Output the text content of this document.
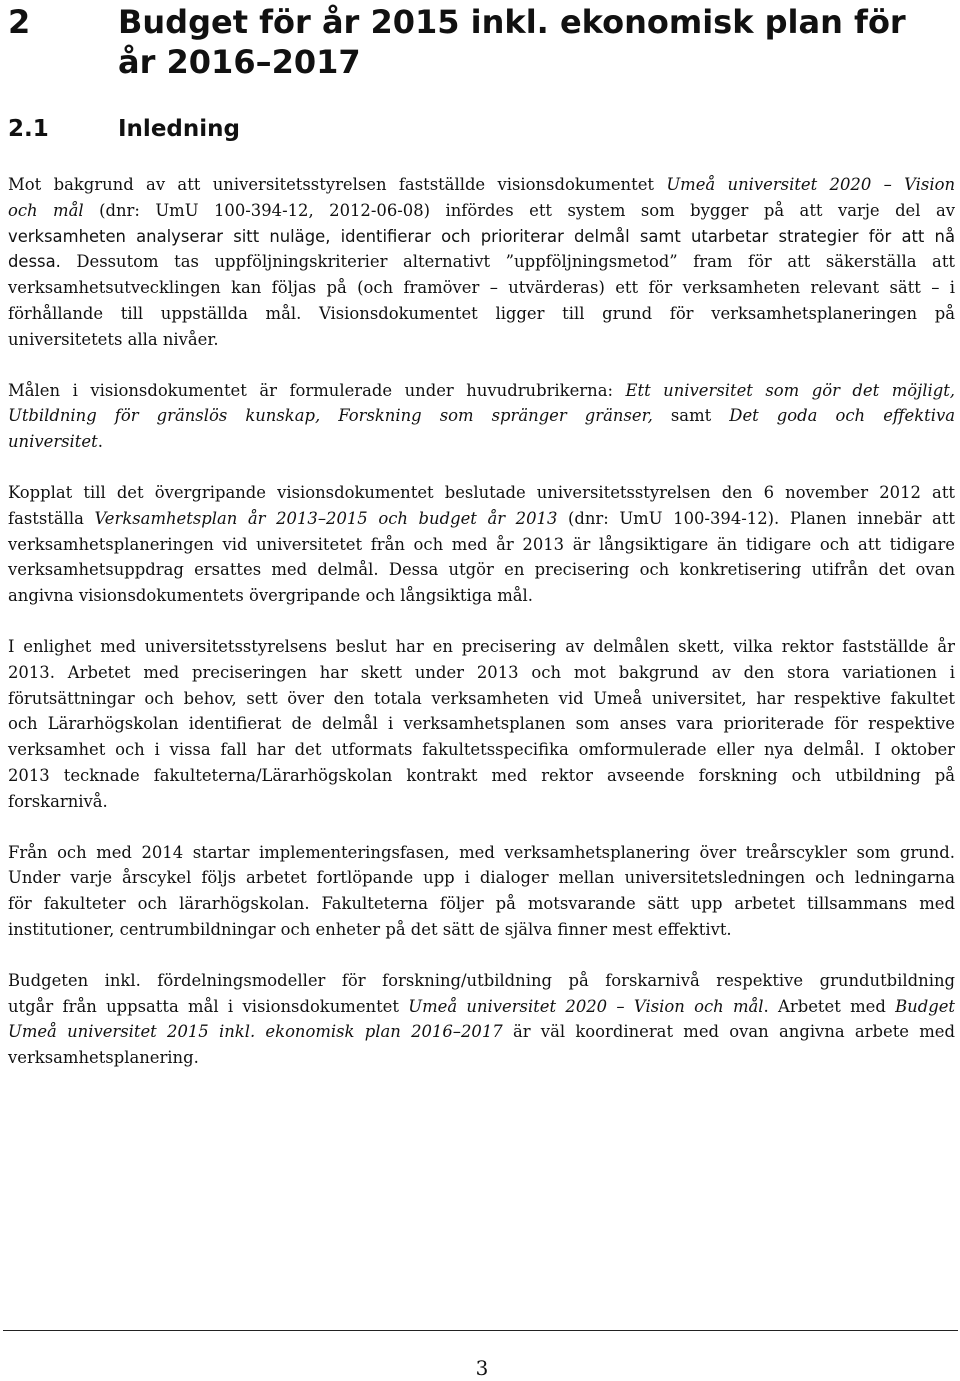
2	Budget för år 2015 inkl. ekonomisk plan för år 2016–2017
2.1	Inledning

Mot bakgrund av att universitetsstyrelsen fastställde visionsdokumentet Umeå universitet 2020 – Vision
och mål (dnr: UmU 100-394-12, 2012-06-08) infördes ett system som bygger på att varje del av
verksamheten analyserar sitt nuläge, identifierar och prioriterar delmål samt utarbetar strategier för att nå
dessa. Dessutom tas uppföljningskriterier alternativt ”uppföljningsmetod” fram för att säkerställa att
verksamhetsutvecklingen kan följas på (och framöver – utvärderas) ett för verksamheten relevant sätt – i
förhållande till uppställda mål. Visionsdokumentet ligger till grund för verksamhetsplaneringen på
universitetets alla nivåer.

Målen i visionsdokumentet är formulerade under huvudrubrikerna: Ett universitet som gör det möjligt,
Utbildning för gränslös kunskap, Forskning som spränger gränser, samt Det goda och effektiva
universitet.

Kopplat till det övergripande visionsdokumentet beslutade universitetsstyrelsen den 6 november 2012 att
fastställa Verksamhetsplan år 2013–2015 och budget år 2013 (dnr: UmU 100-394-12). Planen innebär att
verksamhetsplaneringen vid universitetet från och med år 2013 är långsiktigare än tidigare och att tidigare
verksamhetsuppdrag ersattes med delmål. Dessa utgör en precisering och konkretisering utifrån det ovan
angivna visionsdokumentets övergripande och långsiktiga mål.

I enlighet med universitetsstyrelsens beslut har en precisering av delmålen skett, vilka rektor fastställde år
2013. Arbetet med preciseringen har skett under 2013 och mot bakgrund av den stora variationen i
förutsättningar och behov, sett över den totala verksamheten vid Umeå universitet, har respektive fakultet
och Lärarhögskolan identifierat de delmål i verksamhetsplanen som anses vara prioriterade för respektive
verksamhet och i vissa fall har det utformats fakultetsspecifika omformulerade eller nya delmål. I oktober
2013 tecknade fakulteterna/Lärarhögskolan kontrakt med rektor avseende forskning och utbildning på
forskarnivå.

Från och med 2014 startar implementeringsfasen, med verksamhetsplanering över treårscykler som grund.
Under varje årscykel följs arbetet fortlöpande upp i dialoger mellan universitetsledningen och ledningarna
för fakulteter och lärarhögskolan. Fakulteterna följer på motsvarande sätt upp arbetet tillsammans med
institutioner, centrumbildningar och enheter på det sätt de själva finner mest effektivt.

Budgeten inkl. fördelningsmodeller för forskning/utbildning på forskarnivå respektive grundutbildning
utgår från uppsatta mål i visionsdokumentet Umeå universitet 2020 – Vision och mål. Arbetet med Budget
Umeå universitet 2015 inkl. ekonomisk plan 2016–2017 är väl koordinerat med ovan angivna arbete med
verksamhetsplanering.

3
